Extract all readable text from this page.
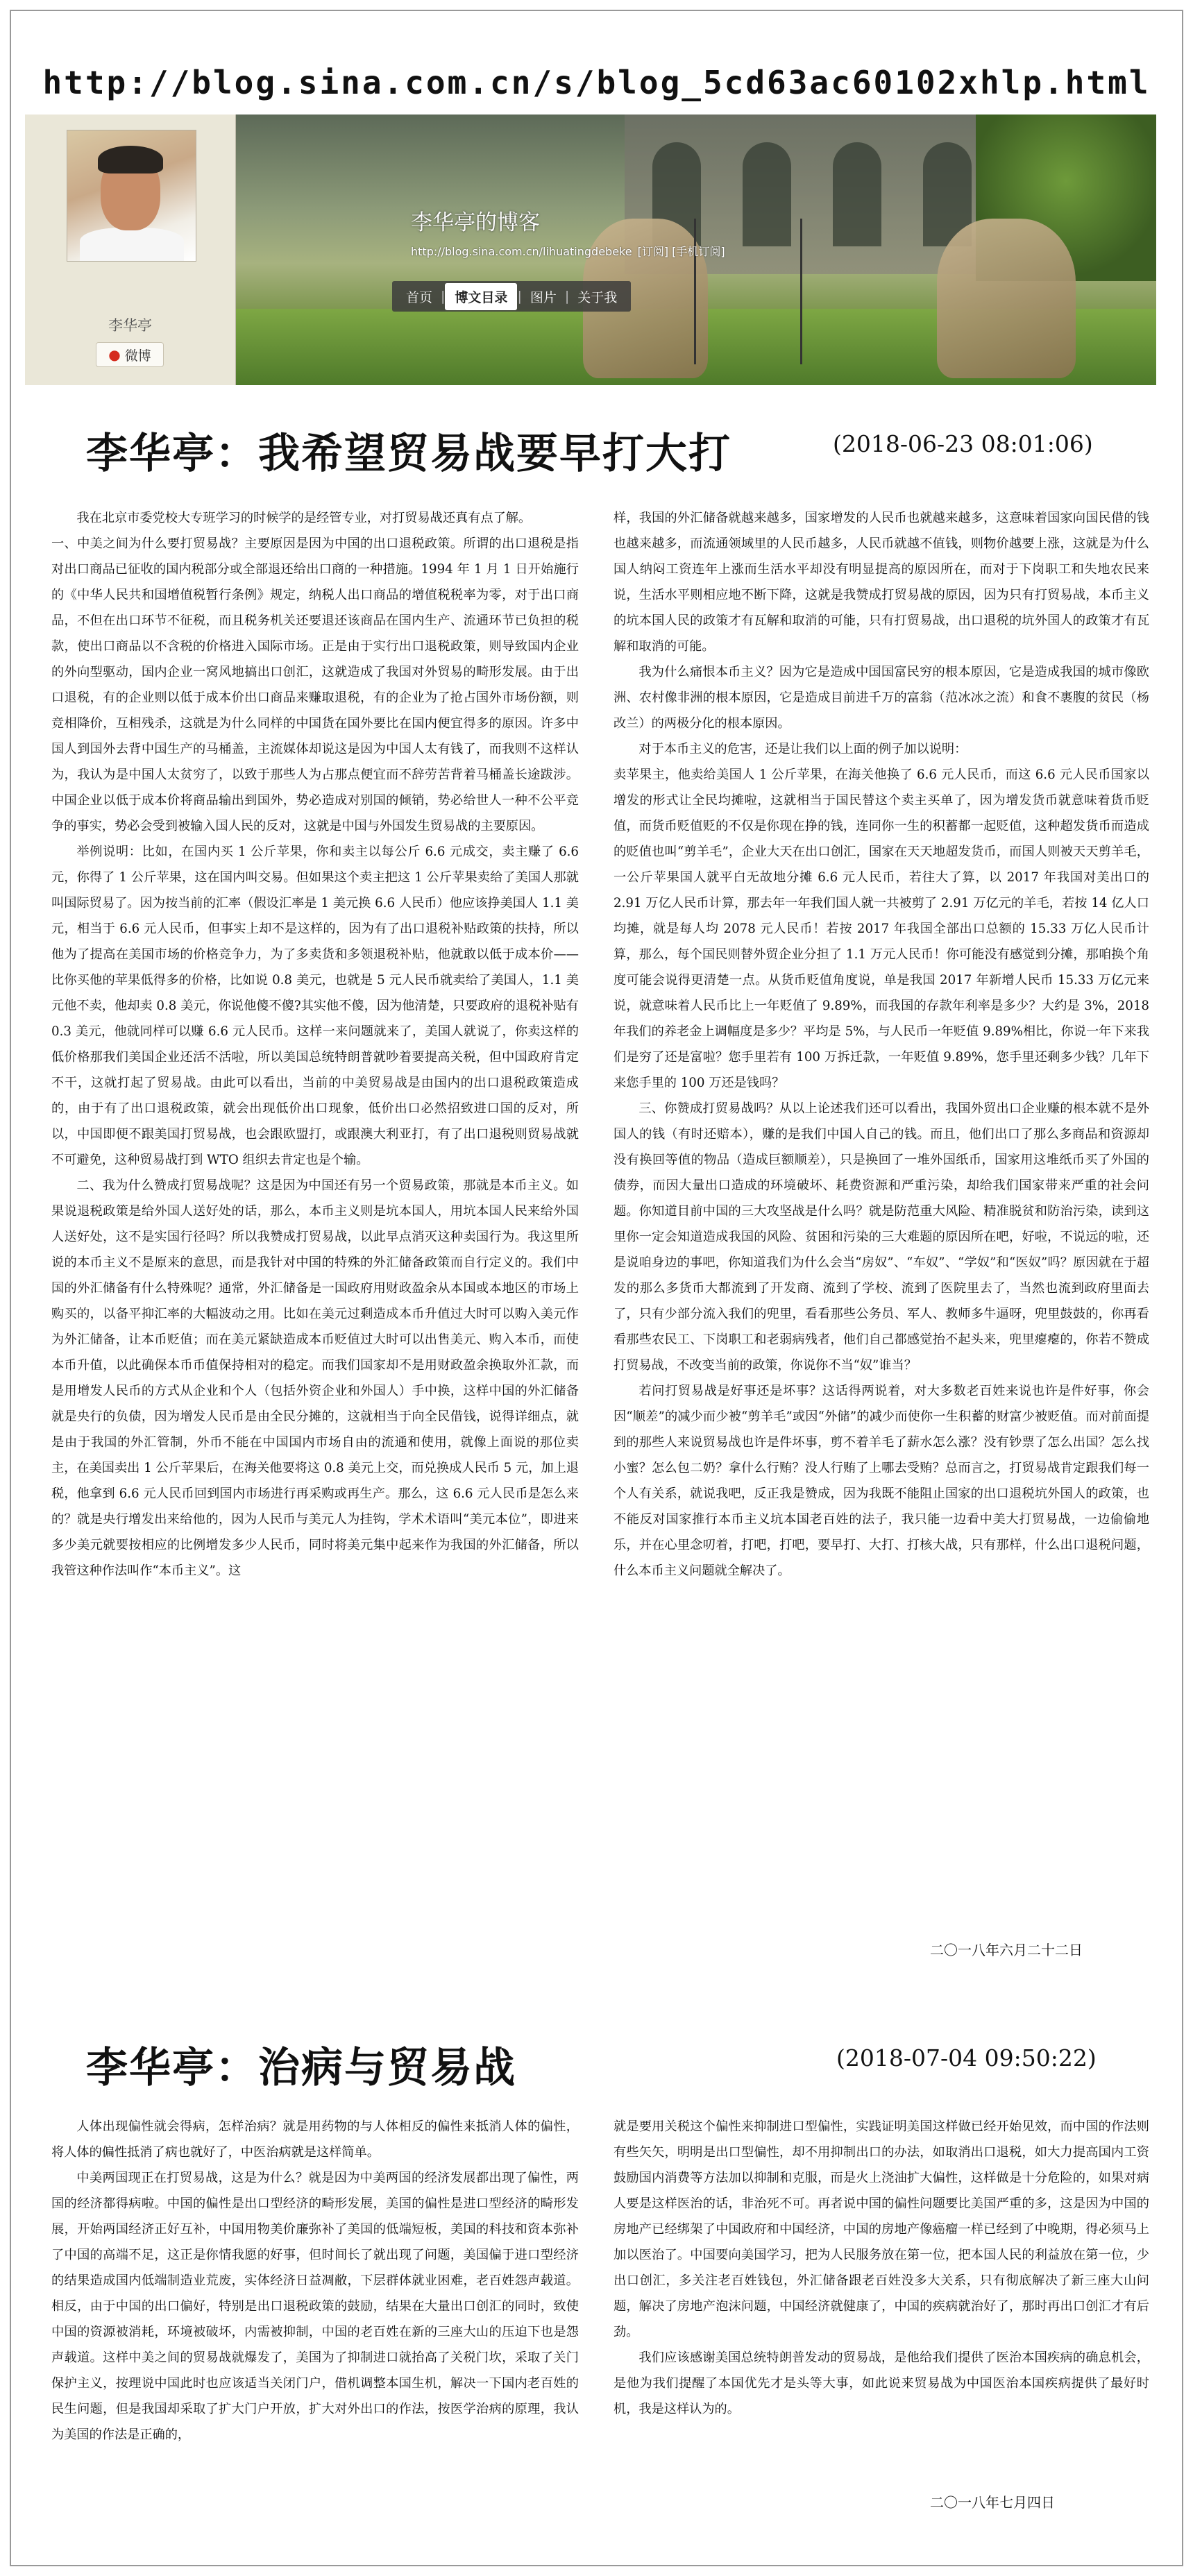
http://blog.sina.com.cn/s/blog_5cd63ac60102xhlp.html
李华亭
● 微博
李华亭的博客
http://blog.sina.com.cn/lihuatingdebeke [订阅] [手机订阅]
首页 | 博文目录 | 图片 | 关于我
李华亭：我希望贸易战要早打大打	(2018-06-23 08:01:06)

我在北京市委党校大专班学习的时候学的是经管专业，对打贸易战还真有点了解。

一、中美之间为什么要打贸易战？主要原因是因为中国的出口退税政策。所谓的出口退税是指对出口商品已征收的国内税部分或全部退还给出口商的一种措施。1994 年 1 月 1 日开始施行的《中华人民共和国增值税暂行条例》规定，纳税人出口商品的增值税税率为零，对于出口商品，不但在出口环节不征税，而且税务机关还要退还该商品在国内生产、流通环节已负担的税款，使出口商品以不含税的价格进入国际市场。正是由于实行出口退税政策，则导致国内企业的外向型驱动，国内企业一窝风地搞出口创汇，这就造成了我国对外贸易的畸形发展。由于出口退税，有的企业则以低于成本价出口商品来赚取退税，有的企业为了抢占国外市场份额，则竞相降价，互相残杀，这就是为什么同样的中国货在国外要比在国内便宜得多的原因。许多中国人到国外去背中国生产的马桶盖，主流媒体却说这是因为中国人太有钱了，而我则不这样认为，我认为是中国人太贫穷了，以致于那些人为占那点便宜而不辞劳苦背着马桶盖长途跋涉。中国企业以低于成本价将商品输出到国外，势必造成对别国的倾销，势必给世人一种不公平竞争的事实，势必会受到被输入国人民的反对，这就是中国与外国发生贸易战的主要原因。

举例说明：比如，在国内买 1 公斤苹果，你和卖主以每公斤 6.6 元成交，卖主赚了 6.6 元，你得了 1 公斤苹果，这在国内叫交易。但如果这个卖主把这 1 公斤苹果卖给了美国人那就叫国际贸易了。因为按当前的汇率（假设汇率是 1 美元换 6.6 人民币）他应该挣美国人 1.1 美元，相当于 6.6 元人民币，但事实上却不是这样的，因为有了出口退税补贴政策的扶持，所以他为了提高在美国市场的价格竞争力，为了多卖货和多领退税补贴，他就敢以低于成本价——比你买他的苹果低得多的价格，比如说 0.8 美元，也就是 5 元人民币就卖给了美国人，1.1 美元他不卖，他却卖 0.8 美元，你说他傻不傻?其实他不傻，因为他清楚，只要政府的退税补贴有 0.3 美元，他就同样可以赚 6.6 元人民币。这样一来问题就来了，美国人就说了，你卖这样的低价格那我们美国企业还活不活啦，所以美国总统特朗普就吵着要提高关税，但中国政府肯定不干，这就打起了贸易战。由此可以看出，当前的中美贸易战是由国内的出口退税政策造成的，由于有了出口退税政策，就会出现低价出口现象，低价出口必然招致进口国的反对，所以，中国即便不跟美国打贸易战，也会跟欧盟打，或跟澳大利亚打，有了出口退税则贸易战就不可避免，这种贸易战打到 WTO 组织去肯定也是个输。

二、我为什么赞成打贸易战呢？这是因为中国还有另一个贸易政策，那就是本币主义。如果说退税政策是给外国人送好处的话，那么，本币主义则是坑本国人，用坑本国人民来给外国人送好处，这不是实国行径吗？所以我赞成打贸易战，以此早点消灭这种卖国行为。我这里所说的本币主义不是原来的意思，而是我针对中国的特殊的外汇储备政策而自行定义的。我们中国的外汇储备有什么特殊呢？通常，外汇储备是一国政府用财政盈余从本国或本地区的市场上购买的，以备平抑汇率的大幅波动之用。比如在美元过剩造成本币升值过大时可以购入美元作为外汇储备，让本币贬值；而在美元紧缺造成本币贬值过大时可以出售美元、购入本币，而使本币升值，以此确保本币币值保持相对的稳定。而我们国家却不是用财政盈余换取外汇款，而是用增发人民币的方式从企业和个人（包括外资企业和外国人）手中换，这样中国的外汇储备就是央行的负债，因为增发人民币是由全民分摊的，这就相当于向全民借钱，说得详细点，就是由于我国的外汇管制，外币不能在中国国内市场自由的流通和使用，就像上面说的那位卖主，在美国卖出 1 公斤苹果后，在海关他要将这 0.8 美元上交，而兑换成人民币 5 元，加上退税，他拿到 6.6 元人民币回到国内市场进行再采购或再生产。那么，这 6.6 元人民币是怎么来的？就是央行增发出来给他的，因为人民币与美元人为挂钩，学术术语叫“美元本位”，即进来多少美元就要按相应的比例增发多少人民币，同时将美元集中起来作为我国的外汇储备，所以我管这种作法叫作“本币主义”。这

样，我国的外汇储备就越来越多，国家增发的人民币也就越来越多，这意味着国家向国民借的钱也越来越多，而流通领域里的人民币越多，人民币就越不值钱，则物价越要上涨，这就是为什么国人纳闷工资连年上涨而生活水平却没有明显提高的原因所在，而对于下岗职工和失地农民来说，生活水平则相应地不断下降，这就是我赞成打贸易战的原因，因为只有打贸易战，本币主义的坑本国人民的政策才有瓦解和取消的可能，只有打贸易战，出口退税的坑外国人的政策才有瓦解和取消的可能。

我为什么痛恨本币主义？因为它是造成中国国富民穷的根本原因，它是造成我国的城市像欧洲、农村像非洲的根本原因，它是造成目前进千万的富翁（范冰冰之流）和食不裹腹的贫民（杨改兰）的两极分化的根本原因。

对于本币主义的危害，还是让我们以上面的例子加以说明：

卖苹果主，他卖给美国人 1 公斤苹果，在海关他换了 6.6 元人民币，而这 6.6 元人民币国家以增发的形式让全民均摊啦，这就相当于国民替这个卖主买单了，因为增发货币就意味着货币贬值，而货币贬值贬的不仅是你现在挣的钱，连同你一生的积蓄都一起贬值，这种超发货币而造成的贬值也叫“剪羊毛”，企业大天在出口创汇，国家在天天地超发货币，而国人则被天天剪羊毛，一公斤苹果国人就平白无故地分摊 6.6 元人民币，若往大了算，以 2017 年我国对美出口的 2.91 万亿人民币计算，那去年一年我们国人就一共被剪了 2.91 万亿元的羊毛，若按 14 亿人口均摊，就是每人均 2078 元人民币！若按 2017 年我国全部出口总额的 15.33 万亿人民币计算，那么，每个国民则替外贸企业分担了 1.1 万元人民币！你可能没有感觉到分摊，那咱换个角度可能会说得更清楚一点。从货币贬值角度说，单是我国 2017 年新增人民币 15.33 万亿元来说，就意味着人民币比上一年贬值了 9.89%，而我国的存款年利率是多少？大约是 3%，2018 年我们的养老金上调幅度是多少？平均是 5%，与人民币一年贬值 9.89%相比，你说一年下来我们是穷了还是富啦？您手里若有 100 万拆迁款，一年贬值 9.89%，您手里还剩多少钱？几年下来您手里的 100 万还是钱吗？

三、你赞成打贸易战吗？从以上论述我们还可以看出，我国外贸出口企业赚的根本就不是外国人的钱（有时还赔本），赚的是我们中国人自己的钱。而且，他们出口了那么多商品和资源却没有换回等值的物品（造成巨额顺差），只是换回了一堆外国纸币，国家用这堆纸币买了外国的债券，而因大量出口造成的环境破坏、耗费资源和严重污染，却给我们国家带来严重的社会问题。你知道目前中国的三大攻坚战是什么吗？就是防范重大风险、精准脱贫和防治污染，读到这里你一定会知道造成我国的风险、贫困和污染的三大难题的原因所在吧，好啦，不说远的啦，还是说咱身边的事吧，你知道我们为什么会当“房奴”、“车奴”、“学奴”和“医奴”吗？原因就在于超发的那么多货币大都流到了开发商、流到了学校、流到了医院里去了，当然也流到政府里面去了，只有少部分流入我们的兜里，看看那些公务员、军人、教师多牛逼呀，兜里鼓鼓的，你再看看那些农民工、下岗职工和老弱病残者，他们自己都感觉抬不起头来，兜里瘪瘪的，你若不赞成打贸易战，不改变当前的政策，你说你不当“奴”谁当？

若问打贸易战是好事还是坏事？这话得两说着，对大多数老百姓来说也许是件好事，你会因“顺差”的减少而少被“剪羊毛”或因“外储”的减少而使你一生积蓄的财富少被贬值。而对前面提到的那些人来说贸易战也许是件坏事，剪不着羊毛了薪水怎么涨？没有钞票了怎么出国？怎么找小蜜？怎么包二奶？拿什么行贿？没人行贿了上哪去受贿？总而言之，打贸易战肯定跟我们每一个人有关系，就说我吧，反正我是赞成，因为我既不能阻止国家的出口退税坑外国人的政策，也不能反对国家推行本币主义坑本国老百姓的法子，我只能一边看中美大打贸易战，一边偷偷地乐，并在心里念叨着，打吧，打吧，要早打、大打、打核大战，只有那样，什么出口退税问题，什么本币主义问题就全解决了。

二〇一八年六月二十二日
李华亭：治病与贸易战	(2018-07-04 09:50:22)

人体出现偏性就会得病，怎样治病？就是用药物的与人体相反的偏性来抵消人体的偏性，将人体的偏性抵消了病也就好了，中医治病就是这样简单。

中美两国现正在打贸易战，这是为什么？就是因为中美两国的经济发展都出现了偏性，两国的经济都得病啦。中国的偏性是出口型经济的畸形发展，美国的偏性是进口型经济的畸形发展，开始两国经济正好互补，中国用物美价廉弥补了美国的低端短板，美国的科技和资本弥补了中国的高端不足，这正是你情我愿的好事，但时间长了就出现了问题，美国偏于进口型经济的结果造成国内低端制造业荒废，实体经济日益凋敝，下层群体就业困难，老百姓怨声载道。相反，由于中国的出口偏好，特别是出口退税政策的鼓励，结果在大量出口创汇的同时，致使中国的资源被消耗，环境被破坏，内需被抑制，中国的老百姓在新的三座大山的压迫下也是怨声载道。这样中美之间的贸易战就爆发了，美国为了抑制进口就抬高了关税门坎，采取了关门保护主义，按理说中国此时也应该适当关闭门户，借机调整本国生机，解决一下国内老百姓的民生问题，但是我国却采取了扩大门户开放，扩大对外出口的作法，按医学治病的原理，我认为美国的作法是正确的，

就是要用关税这个偏性来抑制进口型偏性，实践证明美国这样做已经开始见效，而中国的作法则有些矢矢，明明是出口型偏性，却不用抑制出口的办法，如取消出口退税，如大力提高国内工资鼓励国内消费等方法加以抑制和克服，而是火上浇油扩大偏性，这样做是十分危险的，如果对病人要是这样医治的话，非治死不可。再者说中国的偏性问题要比美国严重的多，这是因为中国的房地产已经绑架了中国政府和中国经济，中国的房地产像癌瘤一样已经到了中晚期，得必须马上加以医治了。中国要向美国学习，把为人民服务放在第一位，把本国人民的利益放在第一位，少出口创汇，多关注老百姓钱包，外汇储备跟老百姓没多大关系，只有彻底解决了新三座大山问题，解决了房地产泡沫问题，中国经济就健康了，中国的疾病就治好了，那时再出口创汇才有后劲。

我们应该感谢美国总统特朗普发动的贸易战，是他给我们提供了医治本国疾病的确息机会，是他为我们提醒了本国优先才是头等大事，如此说来贸易战为中国医治本国疾病提供了最好时机，我是这样认为的。

二〇一八年七月四日
